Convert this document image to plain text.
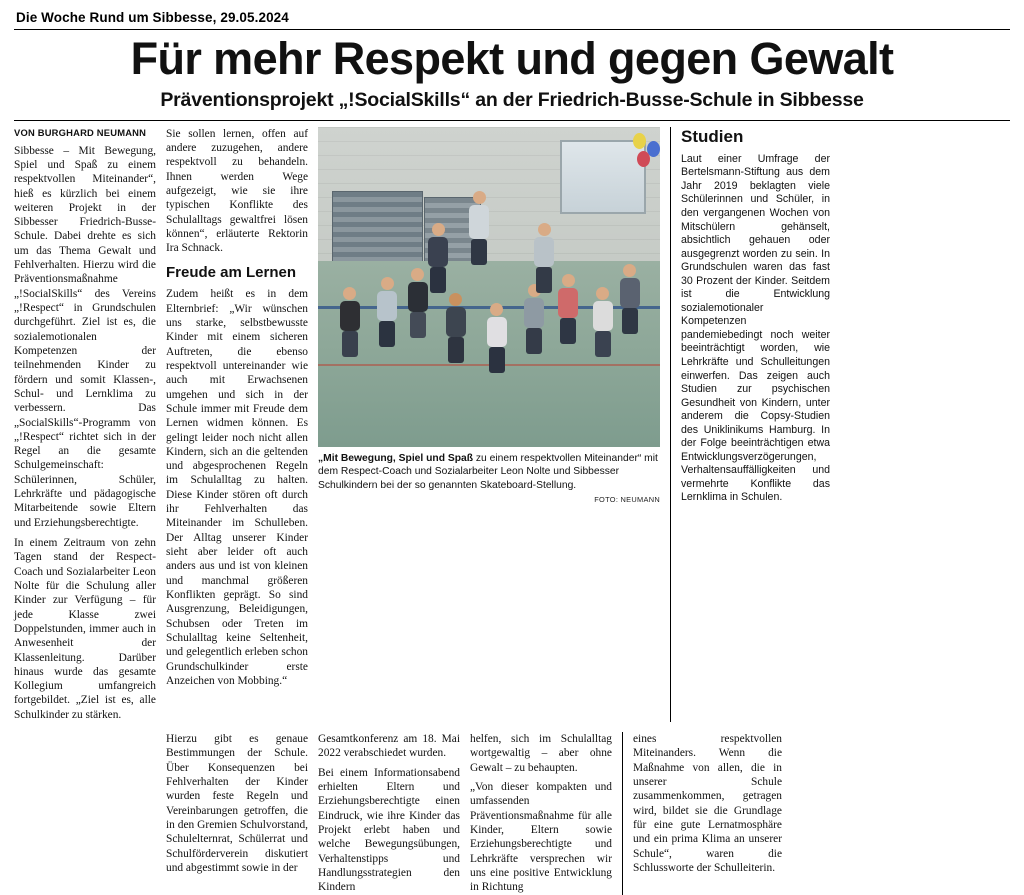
Die Woche Rund um Sibbesse, 29.05.2024
Für mehr Respekt und gegen Gewalt
Präventionsprojekt „!SocialSkills“ an der Friedrich-Busse-Schule in Sibbesse
VON BURGHARD NEUMANN

Sibbesse – Mit Bewegung, Spiel und Spaß zu einem respektvollen Miteinander“, hieß es kürzlich bei einem weiteren Projekt in der Sibbesser Friedrich-Busse-Schule. Dabei drehte es sich um das Thema Gewalt und Fehlverhalten. Hierzu wird die Präventionsmaßnahme „!SocialSkills“ des Vereins „!Respect“ in Grundschulen durchgeführt. Ziel ist es, die sozialemotionalen Kompetenzen der teilnehmenden Kinder zu fördern und somit Klassen-, Schul- und Lernklima zu verbessern. Das „SocialSkills“-Programm von „!Respect“ richtet sich in der Regel an die gesamte Schulgemeinschaft: Schülerinnen, Schüler, Lehrkräfte und pädagogische Mitarbeitende sowie Eltern und Erziehungsberechtigte.

In einem Zeitraum von zehn Tagen stand der Respect-Coach und Sozialarbeiter Leon Nolte für die Schulung aller Kinder zur Verfügung – für jede Klasse zwei Doppelstunden, immer auch in Anwesenheit der Klassenleitung. Darüber hinaus wurde das gesamte Kollegium umfangreich fortgebildet. „Ziel ist es, alle Schulkinder zu stärken.

Sie sollen lernen, offen auf andere zuzugehen, andere respektvoll zu behandeln. Ihnen werden Wege aufgezeigt, wie sie ihre typischen Konflikte des Schulalltags gewaltfrei lösen können“, erläuterte Rektorin Ira Schnack.

Freude am Lernen

Zudem heißt es in dem Elternbrief: „Wir wünschen uns starke, selbstbewusste Kinder mit einem sicheren Auftreten, die ebenso respektvoll untereinander wie auch mit Erwachsenen umgehen und sich in der Schule immer mit Freude dem Lernen widmen können. Es gelingt leider noch nicht allen Kindern, sich an die geltenden und abgesprochenen Regeln im Schulalltag zu halten. Diese Kinder stören oft durch ihr Fehlverhalten das Miteinander im Schulleben. Der Alltag unserer Kinder sieht aber leider oft auch anders aus und ist von kleinen und manchmal größeren Konflikten geprägt. So sind Ausgrenzung, Beleidigungen, Schubsen oder Treten im Schulalltag keine Seltenheit, und gelegentlich erleben schon Grundschulkinder erste Anzeichen von Mobbing.“

„Mit Bewegung, Spiel und Spaß zu einem respektvollen Miteinander“ mit dem Respect-Coach und Sozialarbeiter Leon Nolte und Sibbesser Schulkindern bei der so genannten Skateboard-Stellung.
FOTO: NEUMANN
Studien
Laut einer Umfrage der Bertelsmann-Stiftung aus dem Jahr 2019 beklagten viele Schülerinnen und Schüler, in den vergangenen Wochen von Mitschülern gehänselt, absichtlich gehauen oder ausgegrenzt worden zu sein. In Grundschulen waren das fast 30 Prozent der Kinder. Seitdem ist die Entwicklung sozialemotionaler Kompetenzen pandemiebedingt noch weiter beeinträchtigt worden, wie Lehrkräfte und Schulleitungen einwerfen. Das zeigen auch Studien zur psychischen Gesundheit von Kindern, unter anderem die Copsy-Studien des Uniklinikums Hamburg. In der Folge beeinträchtigen etwa Entwicklungsverzögerungen, Verhaltensauffälligkeiten und vermehrte Konflikte das Lernklima in Schulen.

Hierzu gibt es genaue Bestimmungen der Schule. Über Konsequenzen bei Fehlverhalten der Kinder wurden feste Regeln und Vereinbarungen getroffen, die in den Gremien Schulvorstand, Schulelternrat, Schülerrat und Schulförderverein diskutiert und abgestimmt sowie in der

Gesamtkonferenz am 18. Mai 2022 verabschiedet wurden.

Bei einem Informationsabend erhielten Eltern und Erziehungsberechtigte einen Eindruck, wie ihre Kinder das Projekt erlebt haben und welche Bewegungsübungen, Verhaltenstipps und Handlungsstrategien den Kindern

helfen, sich im Schulalltag wortgewaltig – aber ohne Gewalt – zu behaupten.

„Von dieser kompakten und umfassenden Präventionsmaßnahme für alle Kinder, Eltern sowie Erziehungsberechtigte und Lehrkräfte versprechen wir uns eine positive Entwicklung in Richtung

eines respektvollen Miteinanders. Wenn die Maßnahme von allen, die in unserer Schule zusammenkommen, getragen wird, bildet sie die Grundlage für eine gute Lernatmosphäre und ein prima Klima an unserer Schule“, waren die Schlussworte der Schulleiterin.
